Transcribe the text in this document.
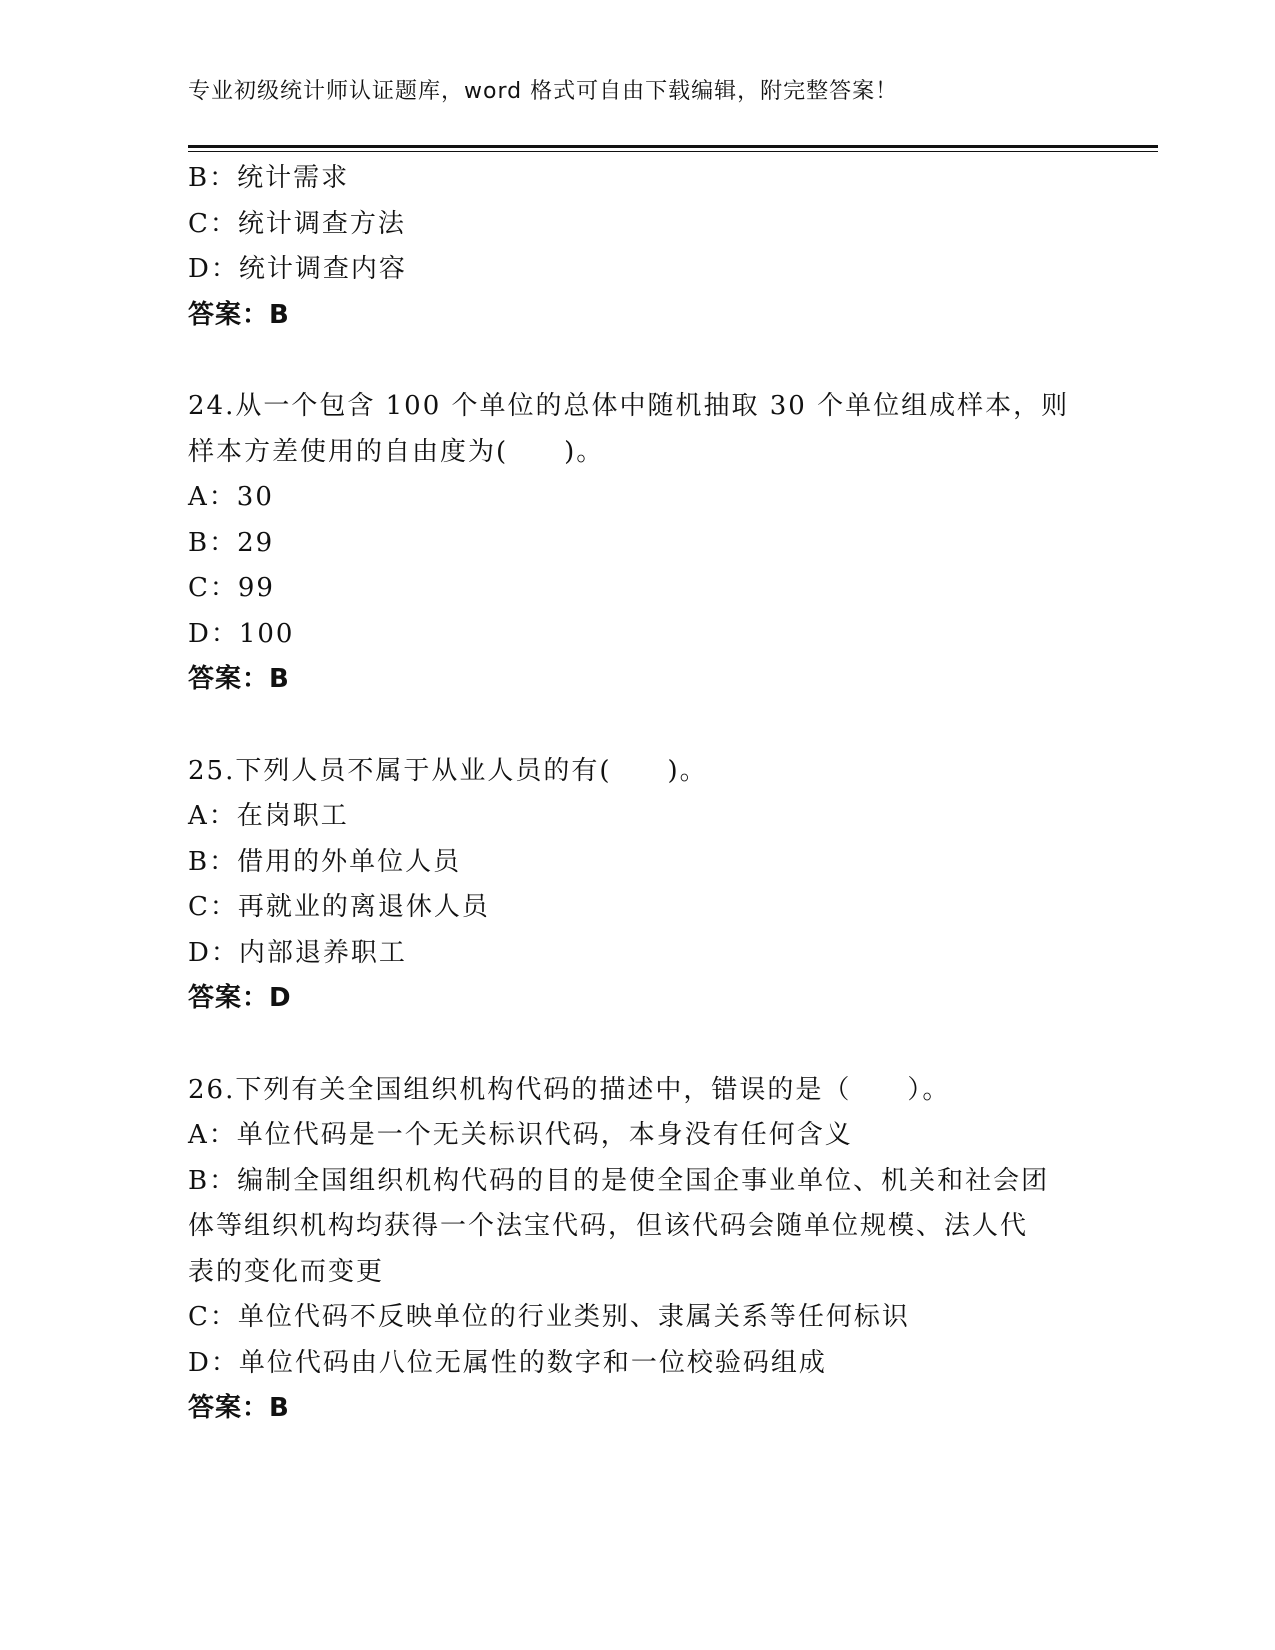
专业初级统计师认证题库，word 格式可自由下载编辑，附完整答案！
B：统计需求
C：统计调查方法
D：统计调查内容
答案：B
24.从一个包含 100 个单位的总体中随机抽取 30 个单位组成样本，则
样本方差使用的自由度为(　　)。
A：30
B：29
C：99
D：100
答案：B
25.下列人员不属于从业人员的有(　　)。
A：在岗职工
B：借用的外单位人员
C：再就业的离退休人员
D：内部退养职工
答案：D
26.下列有关全国组织机构代码的描述中，错误的是（　　）。
A：单位代码是一个无关标识代码，本身没有任何含义
B：编制全国组织机构代码的目的是使全国企事业单位、机关和社会团
体等组织机构均获得一个法宝代码，但该代码会随单位规模、法人代
表的变化而变更
C：单位代码不反映单位的行业类别、隶属关系等任何标识
D：单位代码由八位无属性的数字和一位校验码组成
答案：B
